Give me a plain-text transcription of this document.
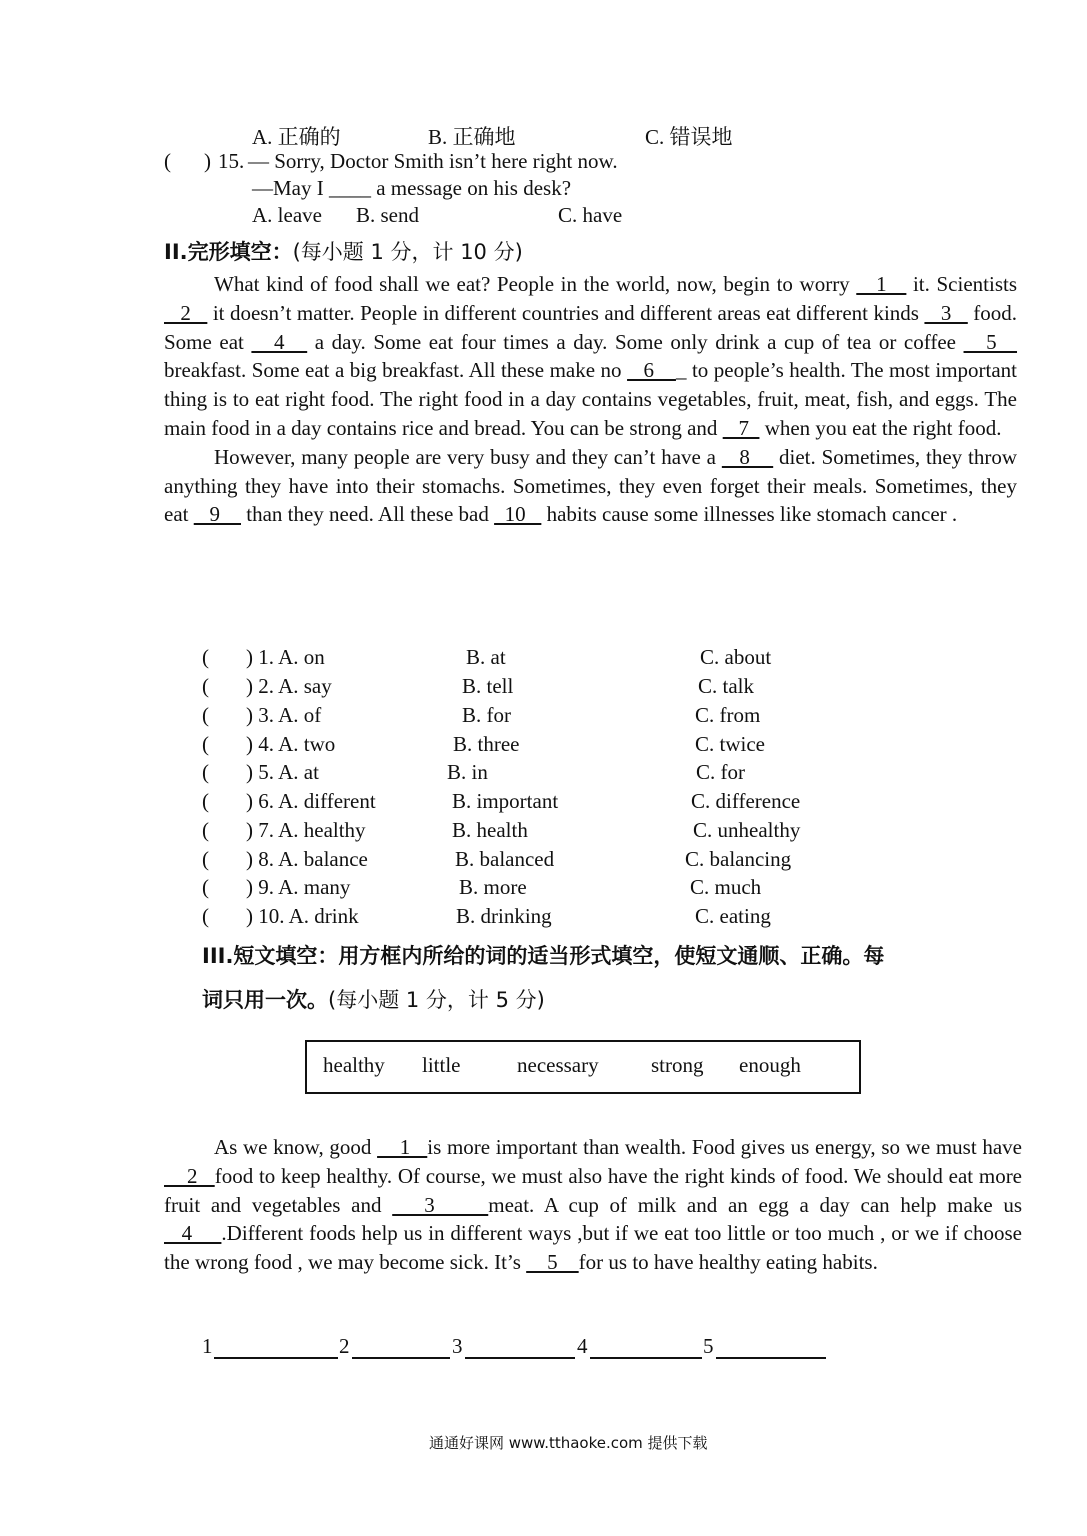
A. 正确的	B. 正确地	C. 错误地
( ) 15. — Sorry, Doctor Smith isn’t here right now.
—May I ____ a message on his desk?
A. leave B. send	C. have
II.完形填空：(每小题 1 分，计 10 分)

What kind of food shall we eat? People in the world, now, begin to worry    1    it. Scientists    2    it doesn’t matter. People in different countries and different areas eat different kinds    3    food. Some eat    4    a day. Some eat four times a day. Some only drink a cup of tea or coffee    5    breakfast. Some eat a big breakfast. All these make no    6    _ to people’s health. The most important thing is to eat right food. The right food in a day contains vegetables, fruit, meat, fish, and eggs. The main food in a day contains rice and bread. You can be strong and    7   when you eat the right food.

However, many people are very busy and they can’t have a    8     diet. Sometimes, they throw anything they have into their stomachs. Sometimes, they even forget their meals. Sometimes, they eat    9     than they need. All these bad   10    habits cause some illnesses like stomach cancer .

( ) 1. A. on	B. at	C. about
( ) 2. A. say	B. tell	C. talk
( ) 3. A. of	B. for	C. from
( ) 4. A. two	B. three	C. twice
( ) 5. A. at	B. in	C. for
( ) 6. A. different	B. important	C. difference
( ) 7. A. healthy	B. health	C. unhealthy
( ) 8. A. balance	B. balanced	C. balancing
( ) 9. A. many	B. more	C. much
( ) 10. A. drink	B. drinking	C. eating
III.短文填空：用方框内所给的词的适当形式填空，使短文通顺、正确。每
词只用一次。(每小题 1 分，计 5 分)
healthy little	necessary strong enough

As we know, good     1   is more important than wealth. Food gives us energy, so we must have     2   food to keep healthy. Of course, we must also have the right kinds of food. We should eat more fruit and vegetables and    3     meat. A cup of milk and an egg a day can help make us    4     .Different foods help us in different ways ,but if we eat too little or too much , or we if choose the wrong food , we may become sick. It’s     5    for us to have healthy eating habits.

1	2	3	4	5
通通好课网 www.tthaoke.com 提供下载
